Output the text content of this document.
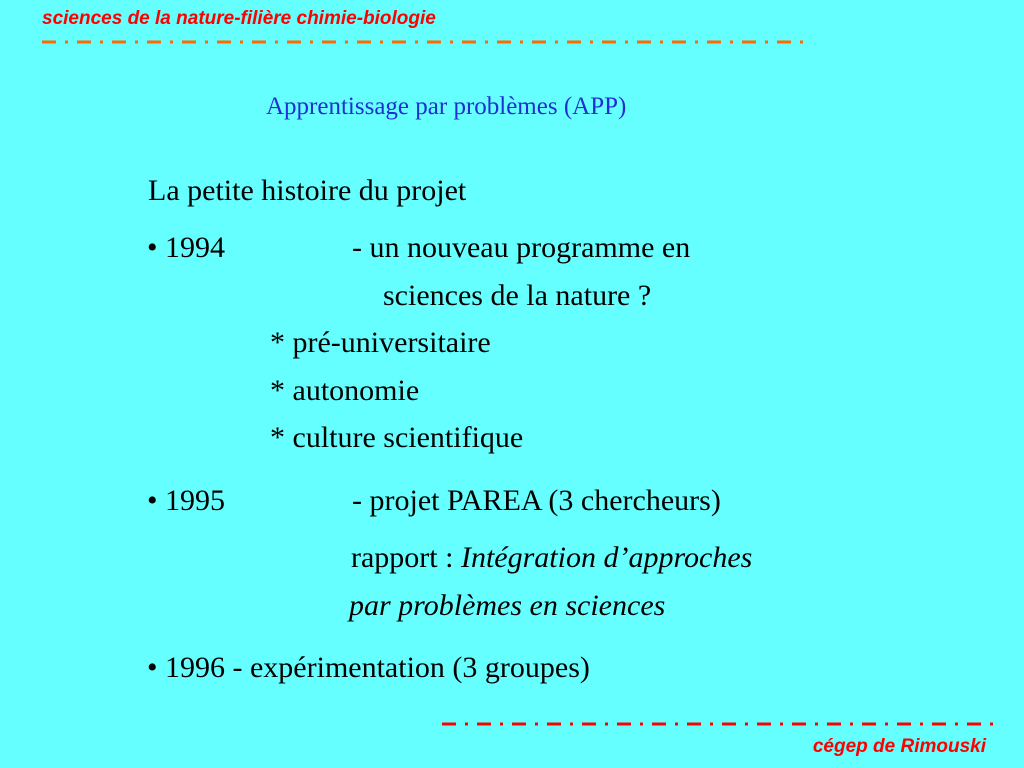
sciences de la nature-filière chimie-biologie
Apprentissage par problèmes (APP)
La petite histoire du projet
• 1994	- un nouveau programme en
sciences de la nature ?
* pré-universitaire
* autonomie
* culture scientifique
• 1995	- projet PAREA (3 chercheurs)
rapport : Intégration d’approches
par problèmes en sciences
• 1996 - expérimentation (3 groupes)
cégep de Rimouski
